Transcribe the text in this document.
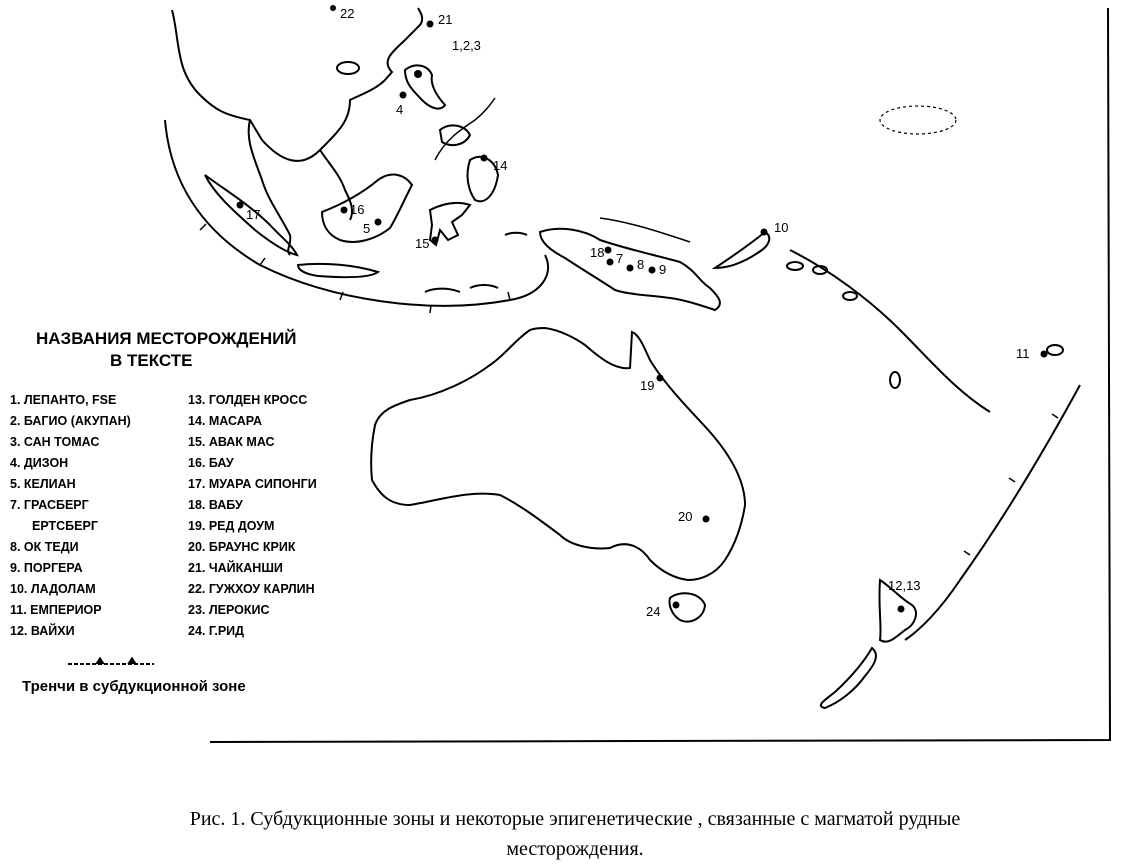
22	21
1,2,3
4
14
17	16
5
15
10
18 7 8 9
11
19
20
12,13
24
НАЗВАНИЯ МЕСТОРОЖДЕНИЙ
В ТЕКСТЕ
1. ЛЕПАНТО, FSE
2. БАГИО (АКУПАН)
3. САН ТОМАС
4. ДИЗОН
5. КЕЛИАН
7. ГРАСБЕРГ
ЕРТСБЕРГ
8. ОК ТЕДИ
9. ПОРГЕРА
10. ЛАДОЛАМ
11. ЕМПЕРИОР
12. ВАЙХИ
13. ГОЛДЕН КРОСС
14. МАСАРА
15. АВАК МАС
16. БАУ
17. МУАРА СИПОНГИ
18. ВАБУ
19. РЕД ДОУМ
20. БРАУНС КРИК
21. ЧАЙКАНШИ
22. ГУЖХОУ КАРЛИН
23. ЛЕРОКИС
24. Г.РИД
Тренчи в субдукционной зоне
Рис. 1. Субдукционные зоны и некоторые эпигенетические , связанные с магматой рудные
месторождения.
